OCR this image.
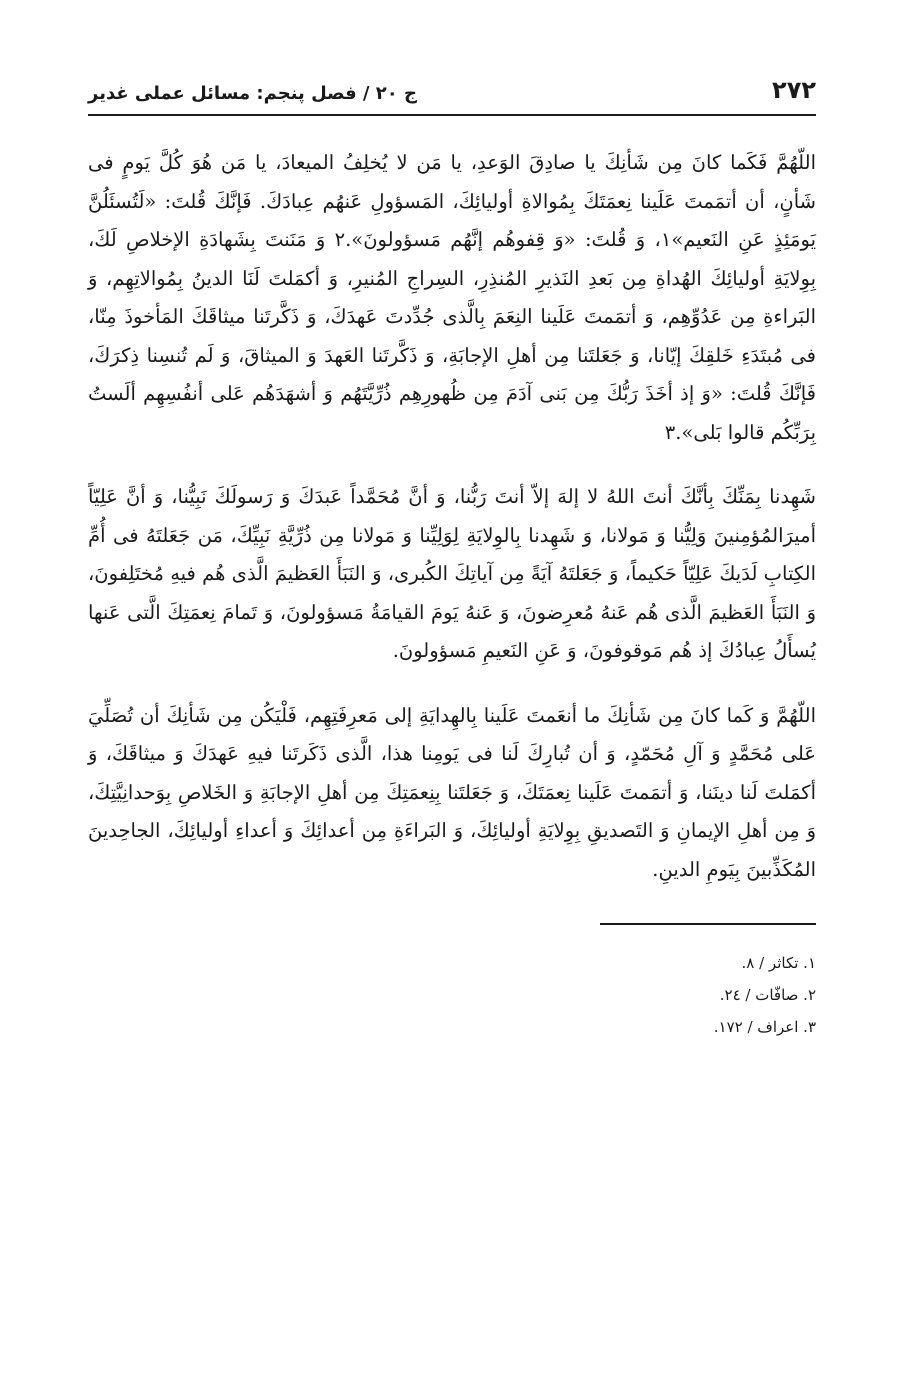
٢٧٢
ج ٢٠ / فصل پنجم: مسائل عملی غدیر

اللّهُمَّ فَكَما كانَ مِن شَأنِكَ يا صادِقَ الوَعدِ، يا مَن لا يُخلِفُ الميعادَ، يا مَن هُوَ كُلَّ يَومٍ فى شَأنٍ، أن أتمَمتَ عَلَينا نِعمَتَكَ بِمُوالاةِ أوليائِكَ، المَسؤولِ عَنهُم عِبادَكَ. فَإنَّكَ قُلتَ: «لَتُسئَلُنَّ يَومَئِذٍ عَنِ النَعيم»١، وَ قُلتَ: «وَ قِفوهُم إنَّهُم مَسؤولونَ».٢ وَ مَنَنتَ بِشَهادَةِ الإخلاصِ لَكَ، بِوِلايَةِ أوليائِكَ الهُداةِ مِن بَعدِ النَذيرِ المُنذِرِ، السِراجِ المُنيرِ، وَ أكمَلتَ لَنَا الدينُ بِمُوالاتِهِم، وَ البَراءةِ مِن عَدُوِّهِم، وَ أتمَمتَ عَلَينا النِعَمَ بِالَّذى جُدِّدتَ عَهدَكَ، وَ ذَكَّرتَنا ميثاقَكَ المَأخوذَ مِنّا، فى مُبتَدَءِ خَلقِكَ إيّانا، وَ جَعَلتَنا مِن أهلِ الإجابَةِ، وَ ذَكَّرتَنا العَهدَ وَ الميثاقَ، وَ لَم تُنسِنا ذِكرَكَ، فَإنَّكَ قُلتَ: «وَ إذ أخَذَ رَبُّكَ مِن بَنى آدَمَ مِن ظُهورِهِم ذُرِّيَّتَهُم وَ أشهَدَهُم عَلى أنفُسِهِم ألَستُ بِرَبِّكُم قالوا بَلى».٣

شَهِدنا بِمَنِّكَ بِأنَّكَ أنتَ اللهُ لا إلهَ إلاّ أنتَ رَبُّنا، وَ أنَّ مُحَمَّداً عَبدَكَ وَ رَسولَكَ نَبِيُّنا، وَ أنَّ عَلِيّاً أميرَالمُؤمِنينَ وَلِيُّنا وَ مَولانا، وَ شَهِدنا بِالوِلايَةِ لِوَلِيِّنا وَ مَولانا مِن ذُرِّيَّةِ نَبِيِّكَ، مَن جَعَلتَهُ فى أُمِّ الكِتابِ لَدَيكَ عَلِيّاً حَكيماً، وَ جَعَلتَهُ آيَةً مِن آياتِكَ الكُبرى، وَ النَبَأَ العَظيمَ الَّذى هُم فيهِ مُختَلِفونَ، وَ النَبَأَ العَظيمَ الَّذى هُم عَنهُ مُعرِضونَ، وَ عَنهُ يَومَ القيامَةُ مَسؤولونَ، وَ تَمامَ نِعمَتِكَ الَّتى عَنها يُسأَلُ عِبادُكَ إذ هُم مَوقوفونَ، وَ عَنِ النَعيمِ مَسؤولونَ.

اللّهُمَّ وَ كَما كانَ مِن شَأنِكَ ما أنعَمتَ عَلَينا بِالهِدايَةِ إلى مَعرِفَتِهِم، فَلْيَكُن مِن شَأنِكَ أن تُصَلِّيَ عَلى مُحَمَّدٍ وَ آلِ مُحَمّدٍ، وَ أن تُبارِكَ لَنا فى يَومِنا هذا، الَّذى ذَكَرتَنا فيهِ عَهدَكَ وَ ميثاقَكَ، وَ أكمَلتَ لَنا دينَنا، وَ أتمَمتَ عَلَينا نِعمَتَكَ، وَ جَعَلتَنا بِنِعمَتِكَ مِن أهلِ الإجابَةِ وَ الخَلاصِ بِوَحدانِيَّتِكَ، وَ مِن أهلِ الإيمانِ وَ التَصديقِ بِوِلايَةِ أوليائِكَ، وَ البَراءَةِ مِن أعدائِكَ وَ أعداءِ أوليائِكَ، الجاحِدينَ المُكَذِّبينَ بِيَومِ الدينِ.

١. تكاثر / ٨.
٢. صافّات / ٢٤.
٣. اعراف / ١٧٢.
